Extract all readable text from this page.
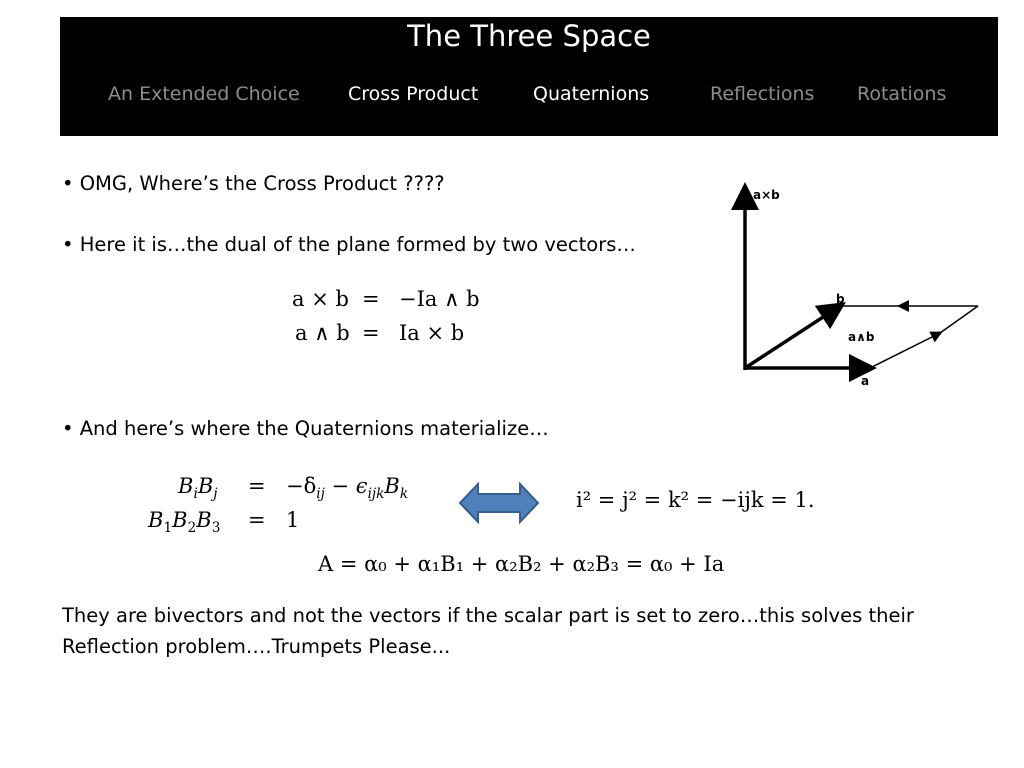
The Three Space
An Extended Choice	Cross Product	Quaternions	Reflections Rotations
• OMG, Where’s the Cross Product ????
• Here it is…the dual of the plane formed by two vectors…
• And here’s where the Quaternions materialize…
a × b = −Ia ∧ b
a ∧ b = Ia × b
$B_iB_j = -\delta_{ij} - \epsilon_{ijk}B_k$
$B_1B_2B_3 = 1$
i² = j² = k² = −ijk = 1.
A = α₀ + α₁B₁ + α₂B₂ + α₂B₃ = α₀ + Ia
a×b
b
a∧b
a
They are bivectors and not the vectors if the scalar part is set to zero…this solves their Reflection problem….Trumpets Please...
